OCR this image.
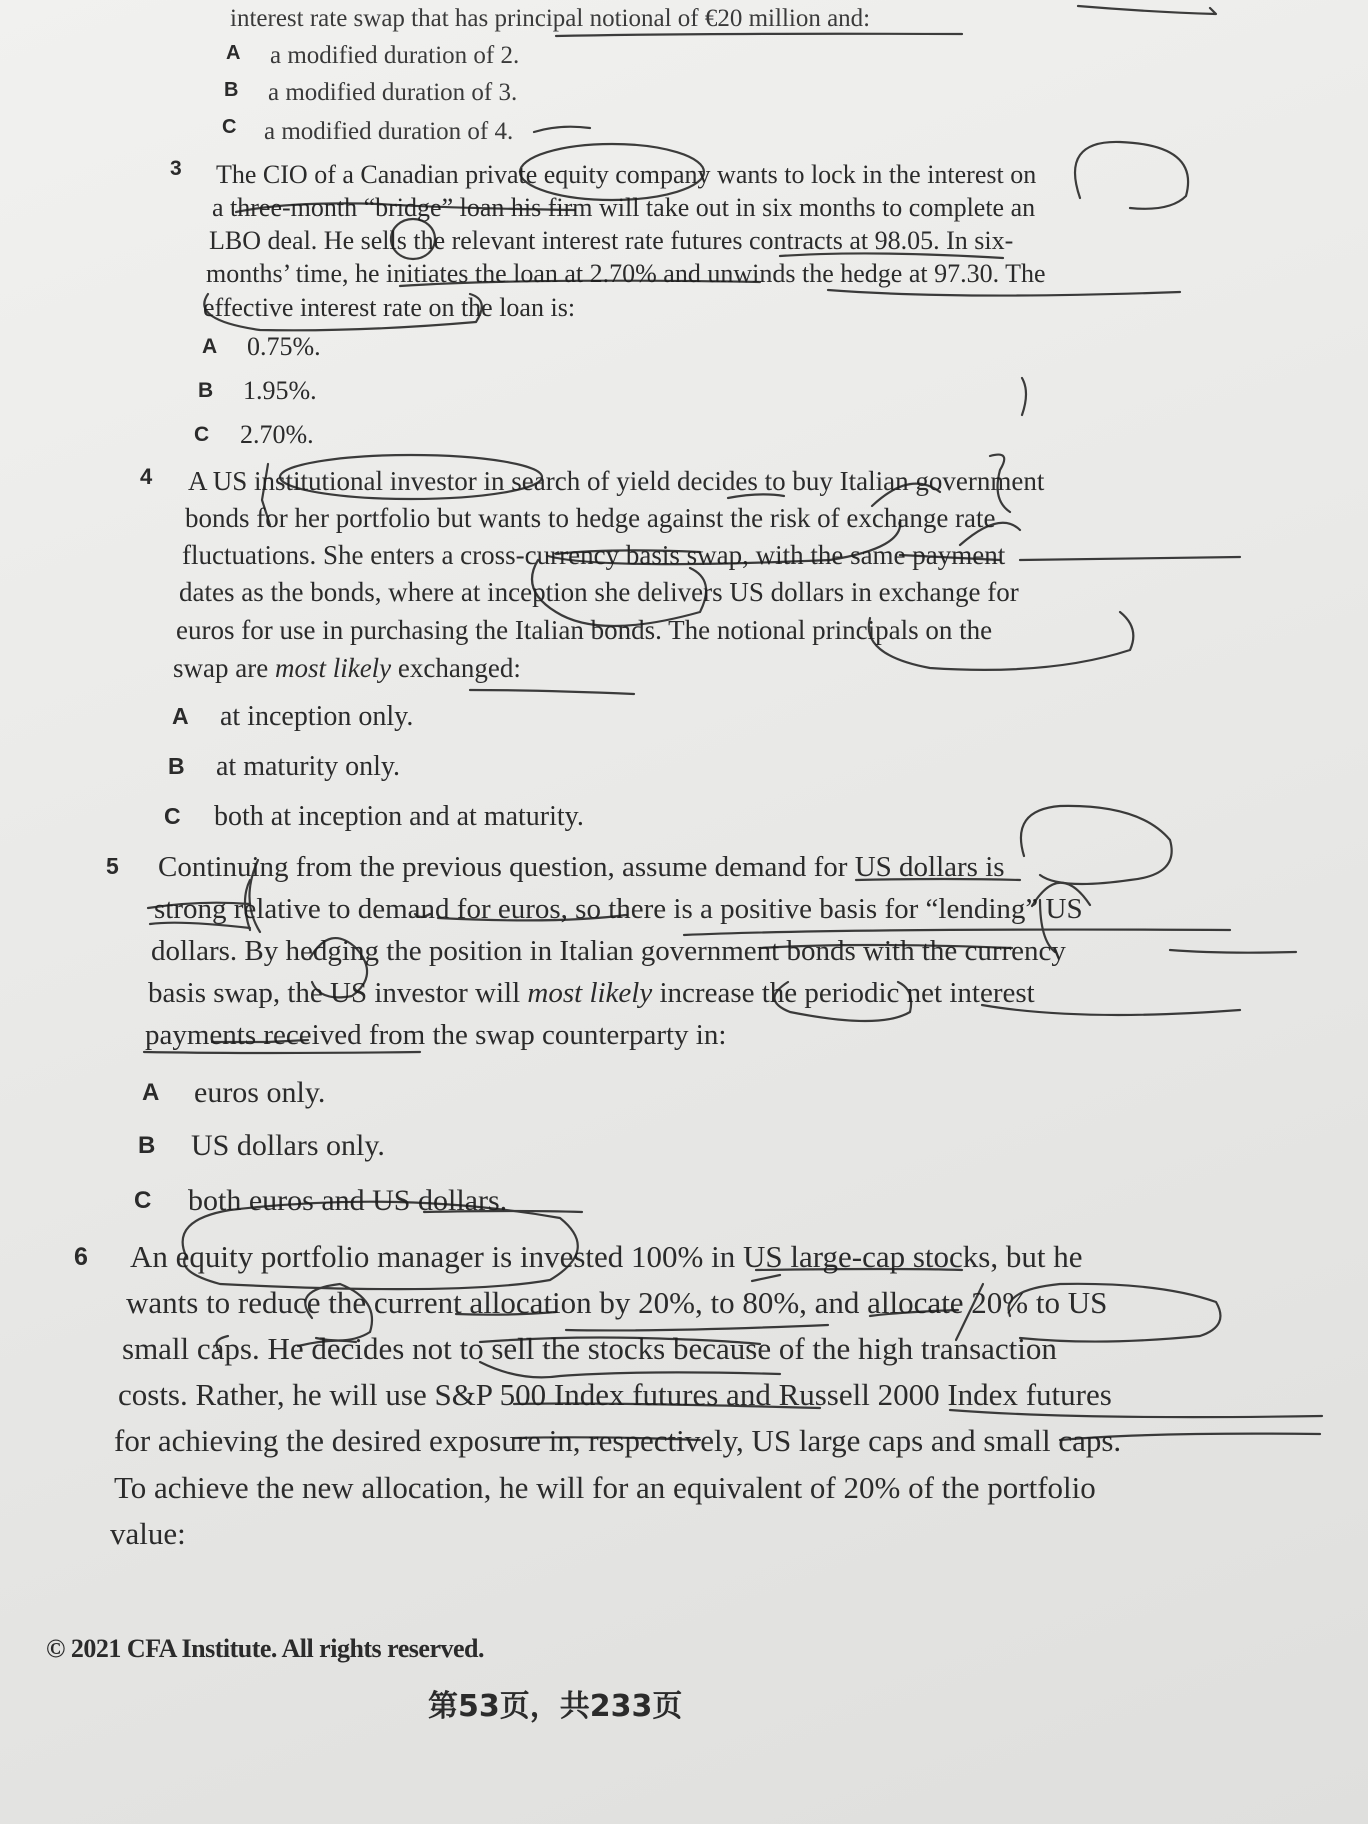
interest rate swap that has principal notional of €20 million and:
A a modified duration of 2.
B a modified duration of 3.
C a modified duration of 4.
3 The CIO of a Canadian private equity company wants to lock in the interest on
a three-month “bridge” loan his firm will take out in six months to complete an
LBO deal. He sells the relevant interest rate futures contracts at 98.05. In six-
months’ time, he initiates the loan at 2.70% and unwinds the hedge at 97.30. The
effective interest rate on the loan is:
A 0.75%.
B 1.95%.
C 2.70%.
4 A US institutional investor in search of yield decides to buy Italian government
bonds for her portfolio but wants to hedge against the risk of exchange rate
fluctuations. She enters a cross-currency basis swap, with the same payment
dates as the bonds, where at inception she delivers US dollars in exchange for
euros for use in purchasing the Italian bonds. The notional principals on the
swap are most likely exchanged:
A at inception only.
B at maturity only.
C both at inception and at maturity.
5 Continuing from the previous question, assume demand for US dollars is
strong relative to demand for euros, so there is a positive basis for “lending” US
dollars. By hedging the position in Italian government bonds with the currency
basis swap, the US investor will most likely increase the periodic net interest
payments received from the swap counterparty in:
A euros only.
B US dollars only.
C both euros and US dollars.
6 An equity portfolio manager is invested 100% in US large-cap stocks, but he
wants to reduce the current allocation by 20%, to 80%, and allocate 20% to US
small caps. He decides not to sell the stocks because of the high transaction
costs. Rather, he will use S&P 500 Index futures and Russell 2000 Index futures
for achieving the desired exposure in, respectively, US large caps and small caps.
To achieve the new allocation, he will for an equivalent of 20% of the portfolio
value:
© 2021 CFA Institute. All rights reserved.
第53页，共233页
